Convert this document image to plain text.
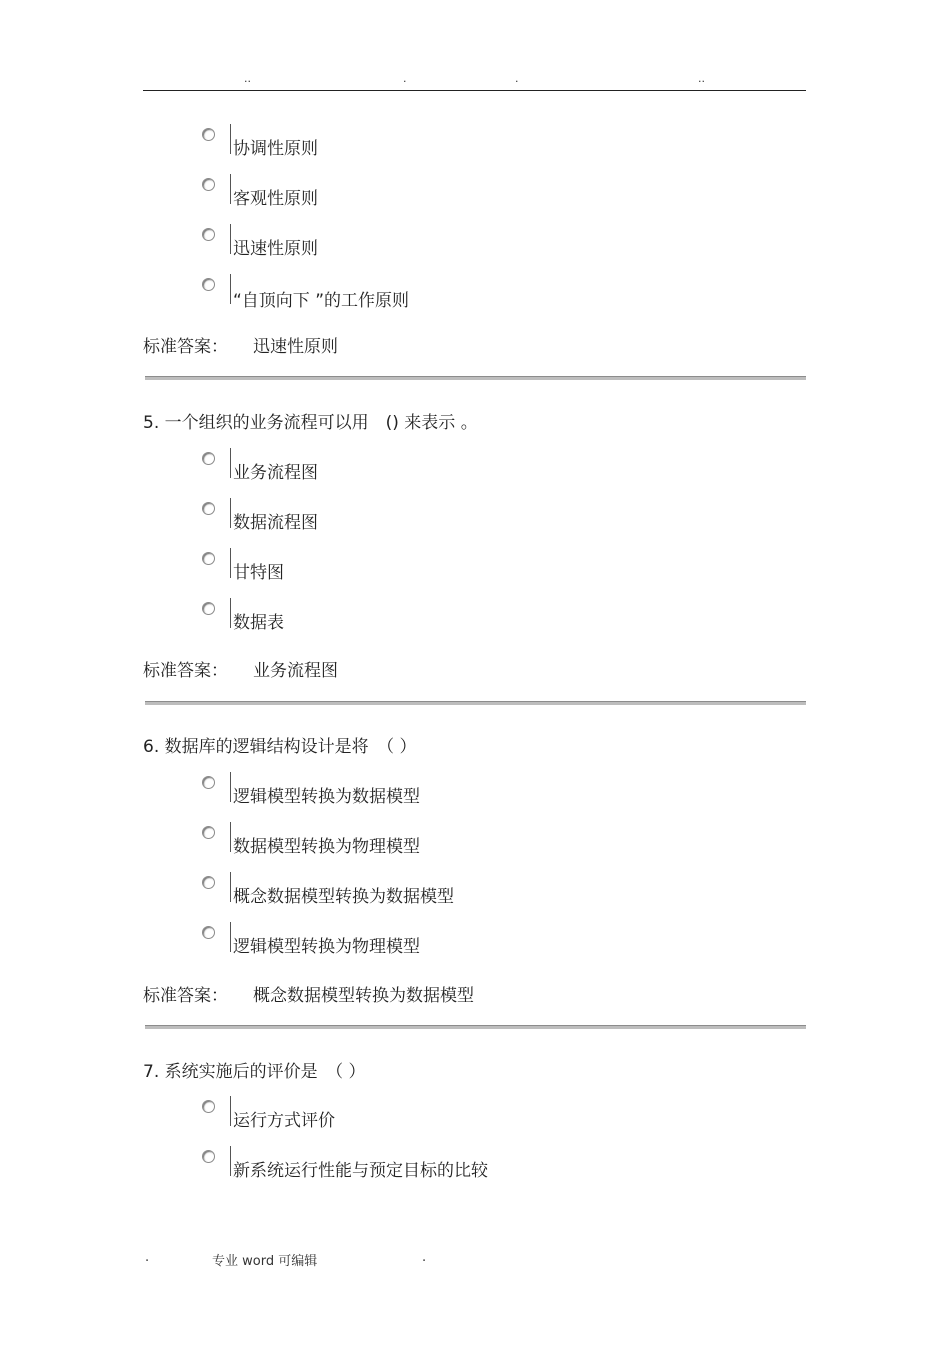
..	.	.	..
协调性原则
客观性原则
迅速性原则
“自顶向下 ”的工作原则
标准答案： 迅速性原则
5. 一个组织的业务流程可以用　() 来表示 。
业务流程图
数据流程图
甘特图
数据表
标准答案： 业务流程图
6. 数据库的逻辑结构设计是将　（ ）
逻辑模型转换为数据模型
数据模型转换为物理模型
概念数据模型转换为数据模型
逻辑模型转换为物理模型
标准答案： 概念数据模型转换为数据模型
7. 系统实施后的评价是　（ ）
运行方式评价
新系统运行性能与预定目标的比较
.	专业 word 可编辑	.
